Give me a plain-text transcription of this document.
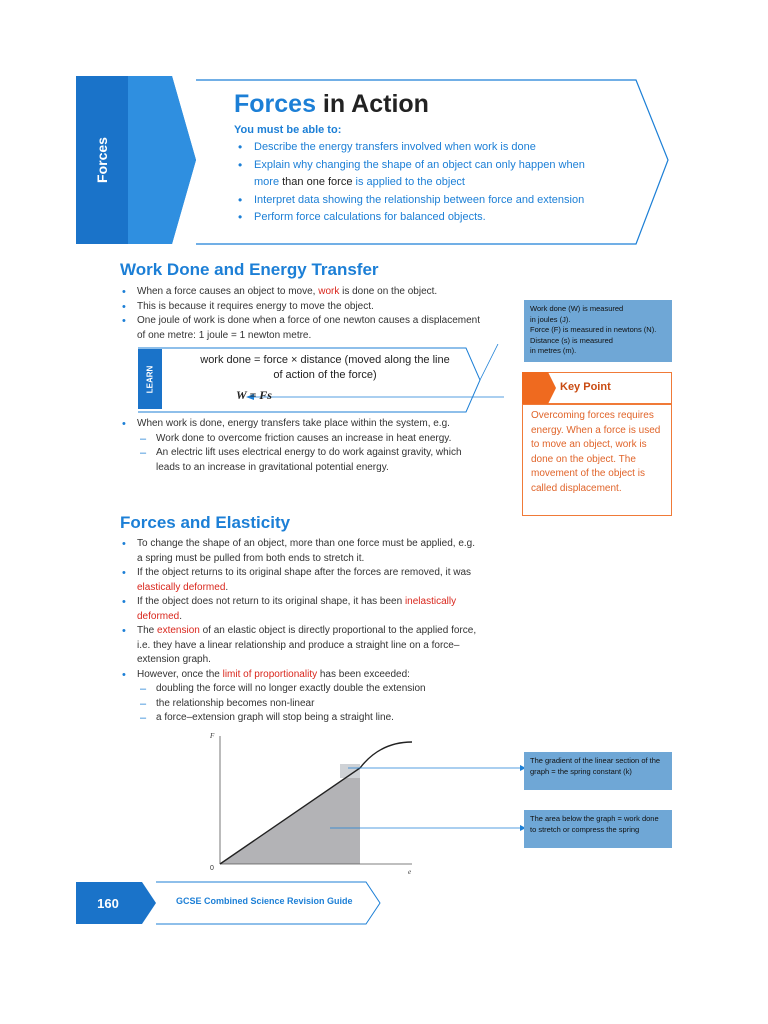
Forces
Forces in Action
You must be able to:
• Describe the energy transfers involved when work is done
• Explain why changing the shape of an object can only happen when
more than one force is applied to the object
• Interpret data showing the relationship between force and extension
• Perform force calculations for balanced objects.
Work Done and Energy Transfer
• When a force causes an object to move, work is done on the object.
• This is because it requires energy to move the object.
• One joule of work is done when a force of one newton causes a displacement of one metre: 1 joule = 1 newton metre.
LEARN
work done = force × distance (moved along the line
of action of the force)
W = Fs
• When work is done, energy transfers take place within the system, e.g.
– Work done to overcome friction causes an increase in heat energy.
– An electric lift uses electrical energy to do work against gravity, which leads to an increase in gravitational potential energy.
Work done (W) is measured
in joules (J).
Force (F) is measured in newtons (N).
Distance (s) is measured
in metres (m).
Key Point
Overcoming forces requires energy. When a force is used to move an object, work is done on the object. The movement of the object is called displacement.
Forces and Elasticity
• To change the shape of an object, more than one force must be applied, e.g. a spring must be pulled from both ends to stretch it.
• If the object returns to its original shape after the forces are removed, it was elastically deformed.
• If the object does not return to its original shape, it has been inelastically deformed.
• The extension of an elastic object is directly proportional to the applied force, i.e. they have a linear relationship and produce a straight line on a force–extension graph.
• However, once the limit of proportionality has been exceeded:
– doubling the force will no longer exactly double the extension
– the relationship becomes non-linear
– a force–extension graph will stop being a straight line.
F
e
0
The gradient of the linear section of the graph = the spring constant (k)
The area below the graph = work done to stretch or compress the spring
160	GCSE Combined Science Revision Guide
